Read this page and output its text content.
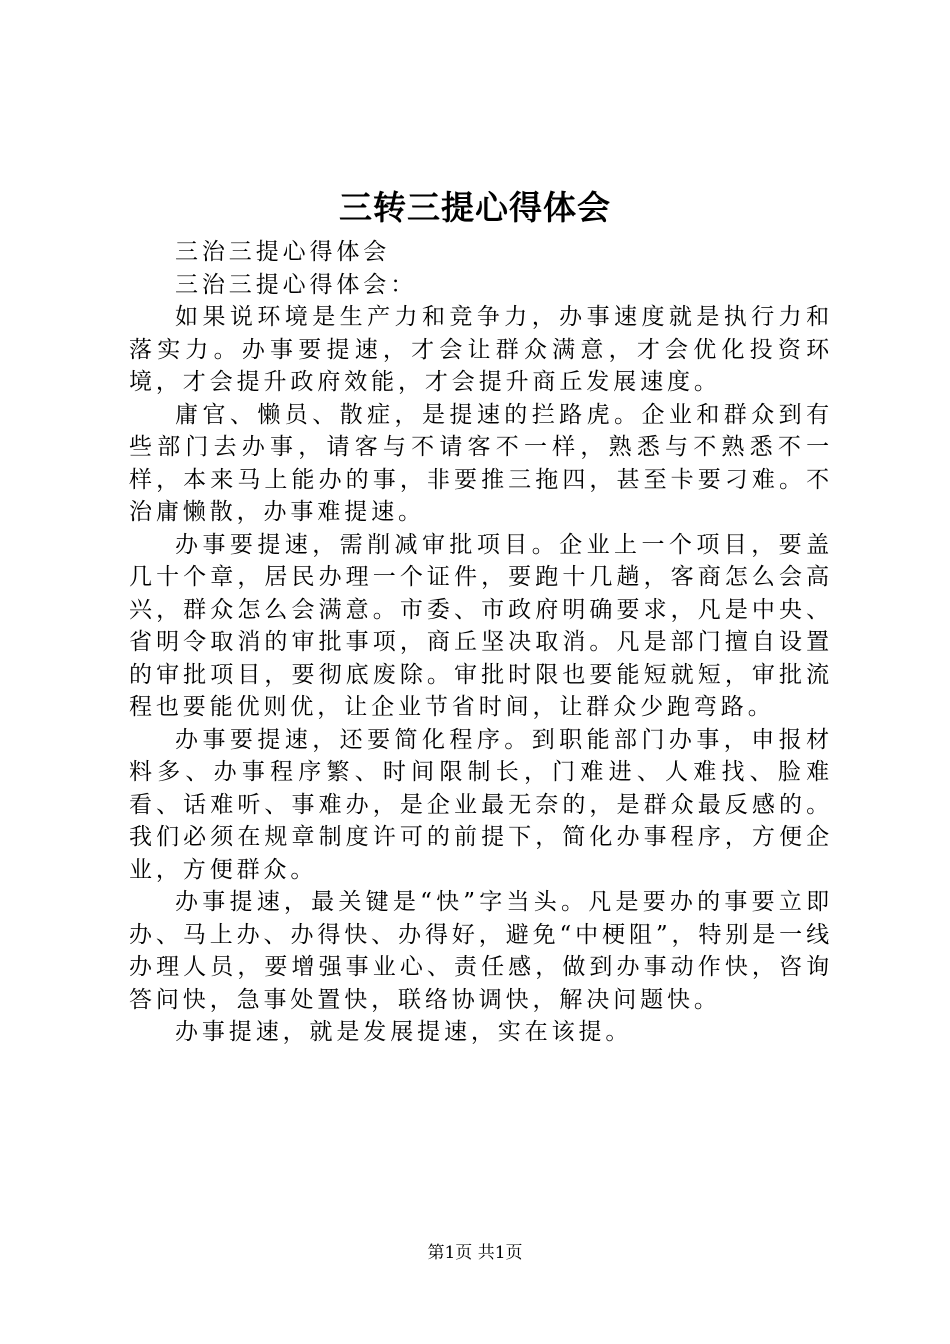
三转三提心得体会

三治三提心得体会

三治三提心得体会：

如果说环境是生产力和竞争力，办事速度就是执行力和落实力。办事要提速，才会让群众满意，才会优化投资环境，才会提升政府效能，才会提升商丘发展速度。

庸官、懒员、散症，是提速的拦路虎。企业和群众到有些部门去办事，请客与不请客不一样，熟悉与不熟悉不一样，本来马上能办的事，非要推三拖四，甚至卡要刁难。不治庸懒散，办事难提速。

办事要提速，需削减审批项目。企业上一个项目，要盖几十个章，居民办理一个证件，要跑十几趟，客商怎么会高兴，群众怎么会满意。市委、市政府明确要求，凡是中央、省明令取消的审批事项，商丘坚决取消。凡是部门擅自设置的审批项目，要彻底废除。审批时限也要能短就短，审批流程也要能优则优，让企业节省时间，让群众少跑弯路。

办事要提速，还要简化程序。到职能部门办事，申报材料多、办事程序繁、时间限制长，门难进、人难找、脸难看、话难听、事难办，是企业最无奈的，是群众最反感的。我们必须在规章制度许可的前提下，简化办事程序，方便企业，方便群众。

办事提速，最关键是“快”字当头。凡是要办的事要立即办、马上办、办得快、办得好，避免“中梗阻”，特别是一线办理人员，要增强事业心、责任感，做到办事动作快，咨询答问快，急事处置快，联络协调快，解决问题快。

办事提速，就是发展提速，实在该提。

第1页 共1页
